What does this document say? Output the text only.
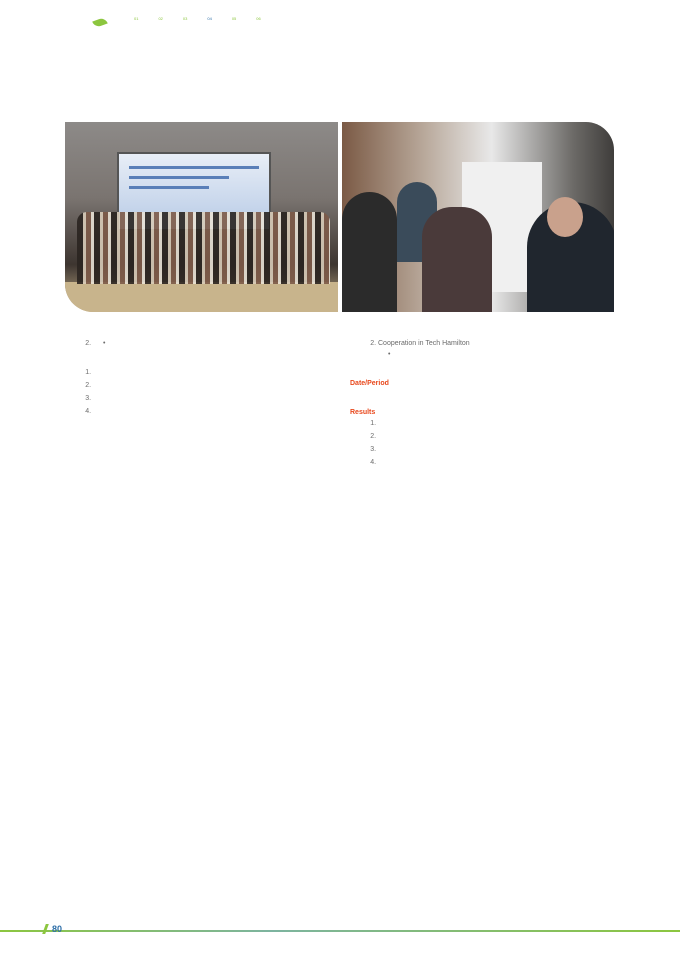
01	02	03	04	05	06
2.
•

1.
2.
3.
4.
2. Cooperation in Tech Hamilton
•

Date/Period
Results
1.
2.
3.
4.
80
